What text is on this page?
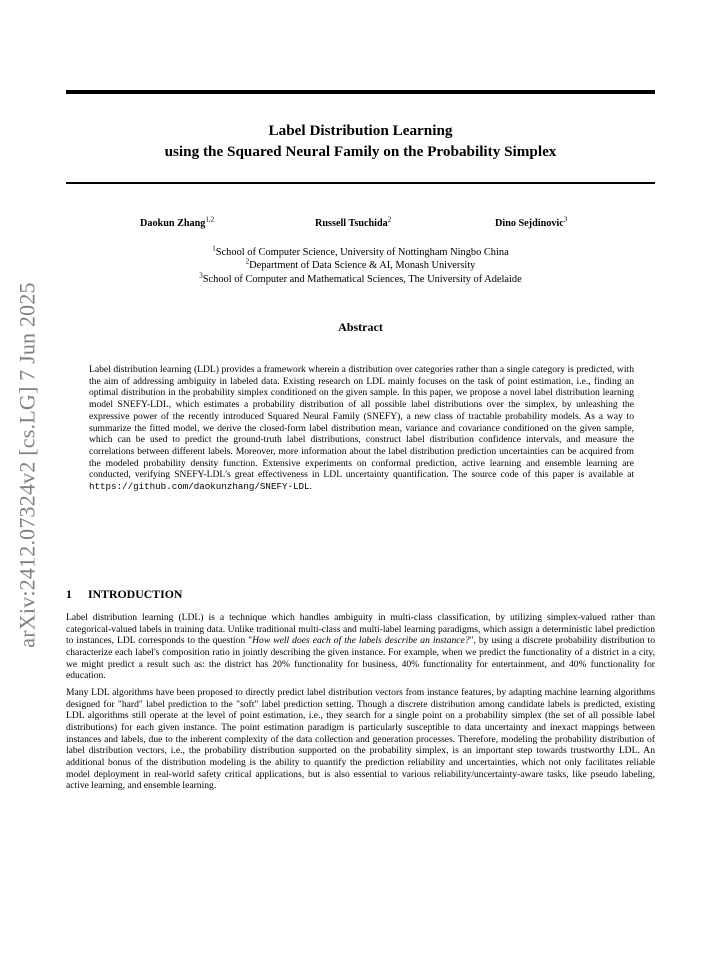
arXiv:2412.07324v2 [cs.LG] 7 Jun 2025
Label Distribution Learning
using the Squared Neural Family on the Probability Simplex
Daokun Zhang$^{1,2}$	Russell Tsuchida$^2$	Dino Sejdinovic$^3$
$^1$School of Computer Science, University of Nottingham Ningbo China
$^2$Department of Data Science & AI, Monash University
$^3$School of Computer and Mathematical Sciences, The University of Adelaide
Abstract
Label distribution learning (LDL) provides a framework wherein a distribution over categories rather than a single category is predicted, with the aim of addressing ambiguity in labeled data. Existing research on LDL mainly focuses on the task of point estimation, i.e., finding an optimal distribution in the probability simplex conditioned on the given sample. In this paper, we propose a novel label distribution learning model SNEFY-LDL, which estimates a probability distribution of all possible label distributions over the simplex, by unleashing the expressive power of the recently introduced Squared Neural Family (SNEFY), a new class of tractable probability models. As a way to summarize the fitted model, we derive the closed-form label distribution mean, variance and covariance conditioned on the given sample, which can be used to predict the ground-truth label distributions, construct label distribution confidence intervals, and measure the correlations between different labels. Moreover, more information about the label distribution prediction uncertainties can be acquired from the modeled probability density function. Extensive experiments on conformal prediction, active learning and ensemble learning are conducted, verifying SNEFY-LDL's great effectiveness in LDL uncertainty quantification. The source code of this paper is available at https://github.com/daokunzhang/SNEFY-LDL.
1 INTRODUCTION

Label distribution learning (LDL) is a technique which handles ambiguity in multi-class classification, by utilizing simplex-valued rather than categorical-valued labels in training data. Unlike traditional multi-class and multi-label learning paradigms, which assign a deterministic label prediction to instances, LDL corresponds to the question "How well does each of the labels describe an instance?", by using a discrete probability distribution to characterize each label's composition ratio in jointly describing the given instance. For example, when we predict the functionality of a district in a city, we might predict a result such as: the district has 20% functionality for business, 40% functionality for entertainment, and 40% functionality for education.

Many LDL algorithms have been proposed to directly predict label distribution vectors from instance features, by adapting machine learning algorithms designed for "hard" label prediction to the "soft" label prediction setting. Though a discrete distribution among candidate labels is predicted, existing LDL algorithms still operate at the level of point estimation, i.e., they search for a single point on a probability simplex (the set of all possible label distributions) for each given instance. The point estimation paradigm is particularly susceptible to data uncertainty and inexact mappings between instances and labels, due to the inherent complexity of the data collection and generation processes. Therefore, modeling the probability distribution of label distribution vectors, i.e., the probability distribution supported on the probability simplex, is an important step towards trustworthy LDL. An additional bonus of the distribution modeling is the ability to quantify the prediction reliability and uncertainties, which not only facilitates reliable model deployment in real-world safety critical applications, but is also essential to various reliability/uncertainty-aware tasks, like pseudo labeling, active learning, and ensemble learning.
